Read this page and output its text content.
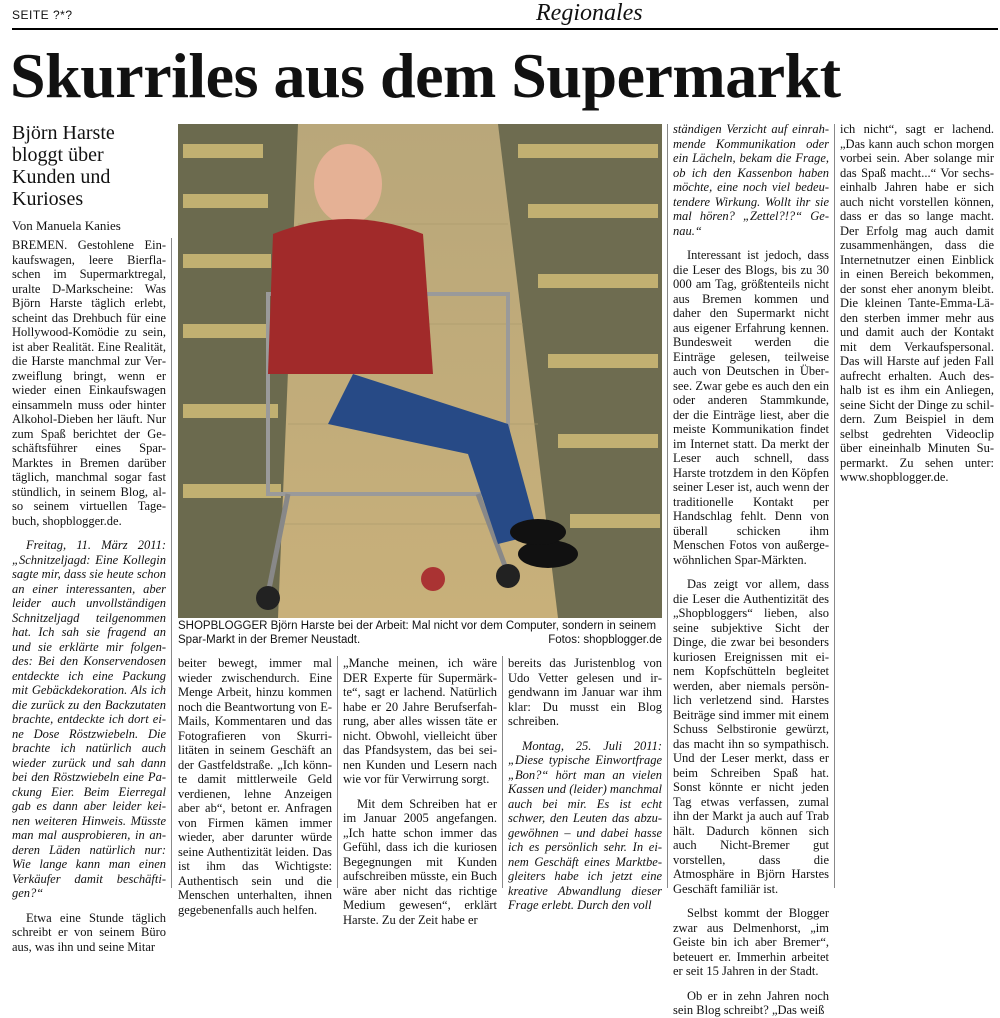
SEITE ?*?	Regionales
Skurriles aus dem Supermarkt
Björn Harste bloggt über Kunden und Kurioses
Von Manuela Kanies

BREMEN. Gestohlene Einkaufswagen, leere Bierflaschen im Supermarktregal, uralte D-Markscheine: Was Björn Harste täglich erlebt, scheint das Drehbuch für eine Hollywood-Komödie zu sein, ist aber Realität. Eine Realität, die Harste manchmal zur Verzweiflung bringt, wenn er wieder einen Einkaufswagen einsammeln muss oder hinter Alkohol-Dieben her läuft. Nur zum Spaß berichtet der Geschäftsführer eines Spar-Marktes in Bremen darüber täglich, manchmal sogar fast stündlich, in seinem Blog, also seinem virtuellen Tagebuch, shopblogger.de.

Freitag, 11. März 2011: „Schnitzeljagd: Eine Kollegin sagte mir, dass sie heute schon an einer interessanten, aber leider auch unvollständigen Schnitzeljagd teilgenommen hat. Ich sah sie fragend an und sie erklärte mir folgendes: Bei den Konservendosen entdeckte ich eine Packung mit Gebäckdekoration. Als ich die zurück zu den Backzutaten brachte, entdeckte ich dort eine Dose Röstzwiebeln. Die brachte ich natürlich auch wieder zurück und sah dann bei den Röstzwiebeln eine Packung Eier. Beim Eierregal gab es dann aber leider keinen weiteren Hinweis. Müsste man mal ausprobieren, in anderen Läden natürlich nur: Wie lange kann man einen Verkäufer damit beschäftigen?“

Etwa eine Stunde täglich schreibt er von seinem Büro aus, was ihn und seine Mitar

SHOPBLOGGER Björn Harste bei der Arbeit: Mal nicht vor dem Computer, sondern in seinem Spar-Markt in der Bremer Neustadt.	Fotos: shopblogger.de

beiter bewegt, immer mal wieder zwischendurch. Eine Menge Arbeit, hinzu kommen noch die Beantwortung von E-Mails, Kommentaren und das Fotografieren von Skurrilitäten in seinem Geschäft an der Gastfeldstraße. „Ich könnte damit mittlerweile Geld verdienen, lehne Anzeigen aber ab“, betont er. Anfragen von Firmen kämen immer wieder, aber darunter würde seine Authentizität leiden. Das ist ihm das Wichtigste: Authentisch sein und die Menschen unterhalten, ihnen gegebenenfalls auch helfen.

„Manche meinen, ich wäre DER Experte für Supermärkte“, sagt er lachend. Natürlich habe er 20 Jahre Berufserfahrung, aber alles wissen täte er nicht. Obwohl, vielleicht über das Pfandsystem, das bei seinen Kunden und Lesern nach wie vor für Verwirrung sorgt.

Mit dem Schreiben hat er im Januar 2005 angefangen. „Ich hatte schon immer das Gefühl, dass ich die kuriosen Begegnungen mit Kunden aufschreiben müsste, ein Buch wäre aber nicht das richtige Medium gewesen“, erklärt Harste. Zu der Zeit habe er

bereits das Juristenblog von Udo Vetter gelesen und irgendwann im Januar war ihm klar: Du musst ein Blog schreiben.

Montag, 25. Juli 2011: „Diese typische Einwortfrage „Bon?“ hört man an vielen Kassen und (leider) manchmal auch bei mir. Es ist echt schwer, den Leuten das abzugewöhnen – und dabei hasse ich es persönlich sehr. In einem Geschäft eines Marktbegleiters habe ich jetzt eine kreative Abwandlung dieser Frage erlebt. Durch den voll

ständigen Verzicht auf einrahmende Kommunikation oder ein Lächeln, bekam die Frage, ob ich den Kassenbon haben möchte, eine noch viel bedeutendere Wirkung. Wollt ihr sie mal hören? „Zettel?!?“ Genau.“

Interessant ist jedoch, dass die Leser des Blogs, bis zu 30 000 am Tag, größtenteils nicht aus Bremen kommen und daher den Supermarkt nicht aus eigener Erfahrung kennen. Bundesweit werden die Einträge gelesen, teilweise auch von Deutschen in Übersee. Zwar gebe es auch den ein oder anderen Stammkunde, der die Einträge liest, aber die meiste Kommunikation findet im Internet statt. Da merkt der Leser auch schnell, dass Harste trotzdem in den Köpfen seiner Leser ist, auch wenn der traditionelle Kontakt per Handschlag fehlt. Denn von überall schicken ihm Menschen Fotos von außergewöhnlichen Spar-Märkten.

Das zeigt vor allem, dass die Leser die Authentizität des „Shopbloggers“ lieben, also seine subjektive Sicht der Dinge, die zwar bei besonders kuriosen Ereignissen mit einem Kopfschütteln begleitet werden, aber niemals persönlich verletzend sind. Harstes Beiträge sind immer mit einem Schuss Selbstironie gewürzt, das macht ihn so sympathisch. Und der Leser merkt, dass er beim Schreiben Spaß hat. Sonst könnte er nicht jeden Tag etwas verfassen, zumal ihn der Markt ja auch auf Trab hält. Dadurch können sich auch Nicht-Bremer gut vorstellen, dass die Atmosphäre in Björn Harstes Geschäft familiär ist.

Selbst kommt der Blogger zwar aus Delmenhorst, „im Geiste bin ich aber Bremer“, beteuert er. Immerhin arbeitet er seit 15 Jahren in der Stadt.

Ob er in zehn Jahren noch sein Blog schreibt? „Das weiß

ich nicht“, sagt er lachend. „Das kann auch schon morgen vorbei sein. Aber solange mir das Spaß macht...“ Vor sechseinhalb Jahren habe er sich auch nicht vorstellen können, dass er das so lange macht. Der Erfolg mag auch damit zusammenhängen, dass die Internetnutzer einen Einblick in einen Bereich bekommen, der sonst eher anonym bleibt. Die kleinen Tante-Emma-Läden sterben immer mehr aus und damit auch der Kontakt mit dem Verkaufspersonal. Das will Harste auf jeden Fall aufrecht erhalten. Auch deshalb ist es ihm ein Anliegen, seine Sicht der Dinge zu schildern. Zum Beispiel in dem selbst gedrehten Videoclip über eineinhalb Minuten Supermarkt. Zu sehen unter: www.shopblogger.de.
